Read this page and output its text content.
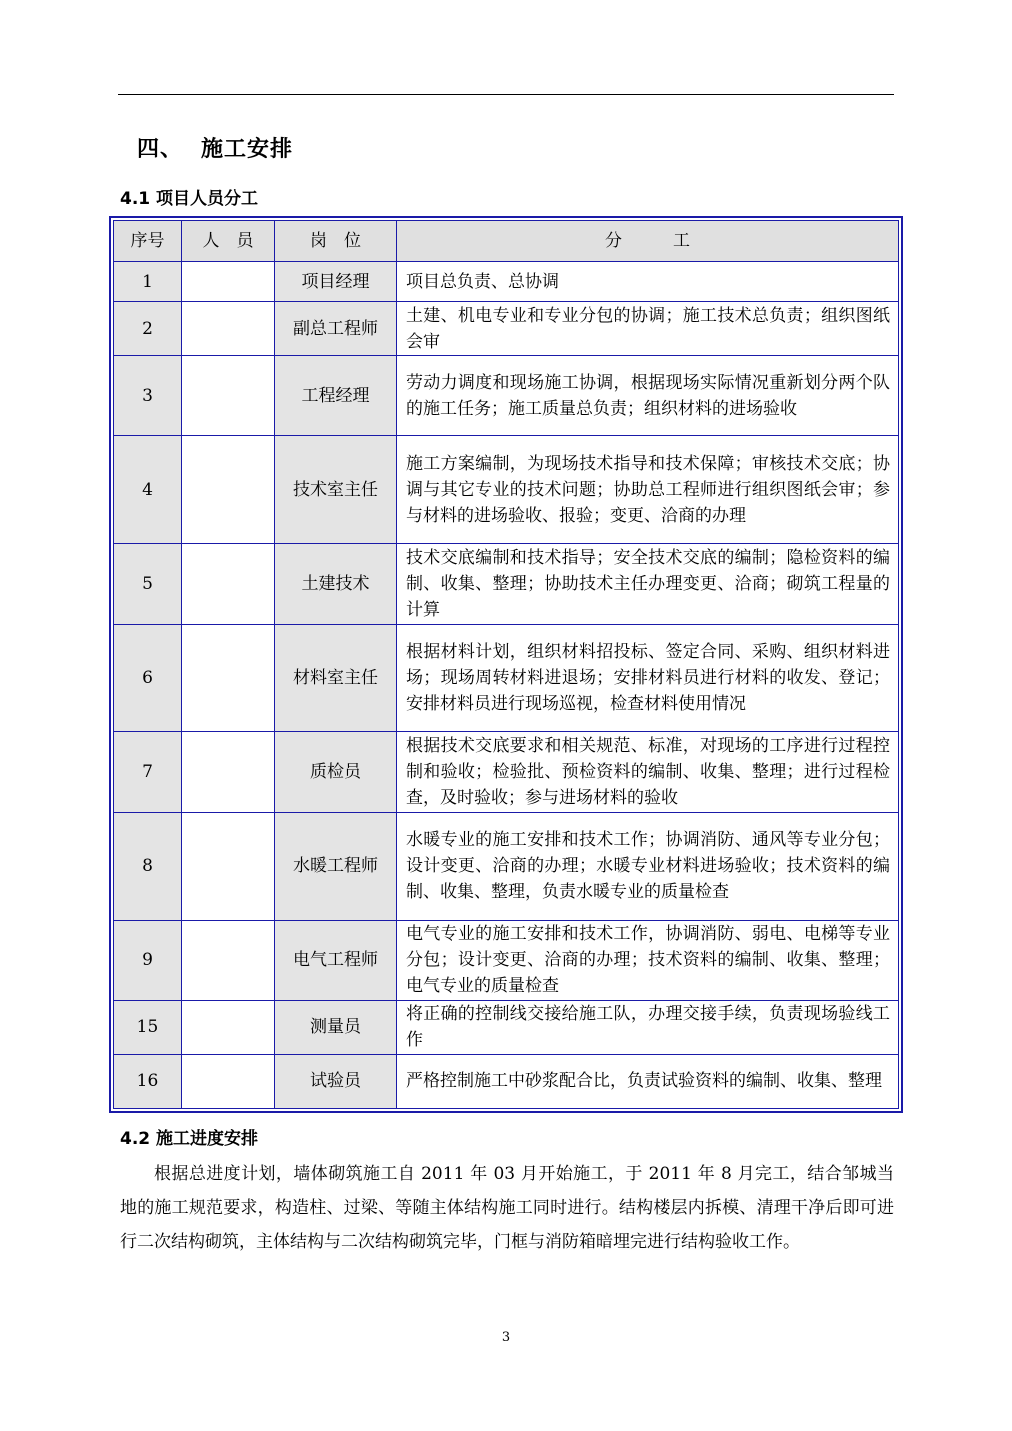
四、 施工安排
4.1 项目人员分工
序号	人　员	岗　位	分　　　工
1		项目经理	项目总负责、总协调
2		副总工程师	土建、机电专业和专业分包的协调；施工技术总负责；组织图纸会审
3		工程经理	劳动力调度和现场施工协调，根据现场实际情况重新划分两个队的施工任务；施工质量总负责；组织材料的进场验收
4		技术室主任	施工方案编制，为现场技术指导和技术保障；审核技术交底；协调与其它专业的技术问题；协助总工程师进行组织图纸会审；参与材料的进场验收、报验；变更、洽商的办理
5		土建技术	技术交底编制和技术指导；安全技术交底的编制；隐检资料的编制、收集、整理；协助技术主任办理变更、洽商；砌筑工程量的计算
6		材料室主任	根据材料计划，组织材料招投标、签定合同、采购、组织材料进场；现场周转材料进退场；安排材料员进行材料的收发、登记；安排材料员进行现场巡视，检查材料使用情况
7		质检员	根据技术交底要求和相关规范、标准，对现场的工序进行过程控制和验收；检验批、预检资料的编制、收集、整理；进行过程检查，及时验收；参与进场材料的验收
8		水暖工程师	水暖专业的施工安排和技术工作；协调消防、通风等专业分包；设计变更、洽商的办理；水暖专业材料进场验收；技术资料的编制、收集、整理，负责水暖专业的质量检查
9		电气工程师	电气专业的施工安排和技术工作，协调消防、弱电、电梯等专业分包；设计变更、洽商的办理；技术资料的编制、收集、整理；电气专业的质量检查
15		测量员	将正确的控制线交接给施工队，办理交接手续，负责现场验线工作
16		试验员	严格控制施工中砂浆配合比，负责试验资料的编制、收集、整理
4.2 施工进度安排
根据总进度计划，墙体砌筑施工自 2011 年 03 月开始施工，于 2011 年 8 月完工，结合邹城当地的施工规范要求，构造柱、过梁、等随主体结构施工同时进行。结构楼层内拆模、清理干净后即可进行二次结构砌筑，主体结构与二次结构砌筑完毕，门框与消防箱暗埋完进行结构验收工作。
3
